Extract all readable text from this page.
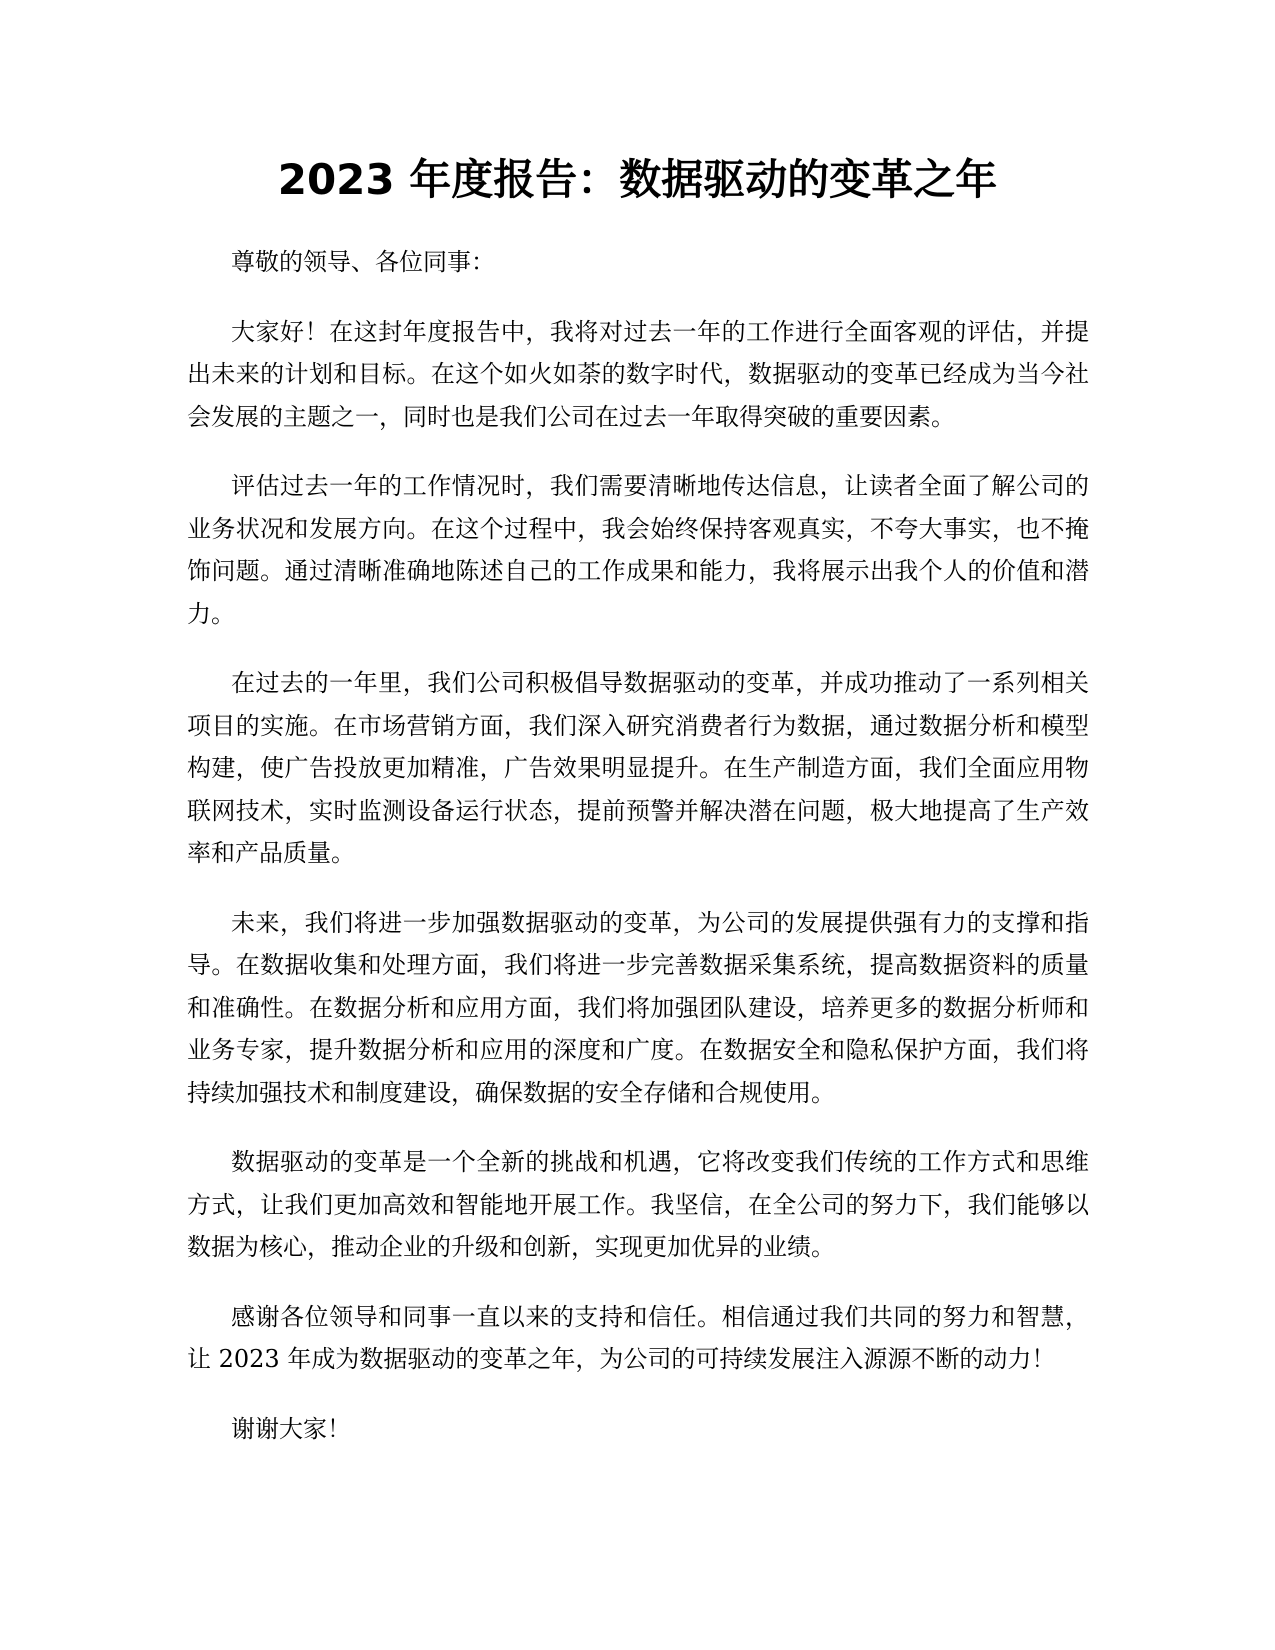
2023 年度报告：数据驱动的变革之年

尊敬的领导、各位同事：

大家好！在这封年度报告中，我将对过去一年的工作进行全面客观的评估，并提出未来的计划和目标。在这个如火如荼的数字时代，数据驱动的变革已经成为当今社会发展的主题之一，同时也是我们公司在过去一年取得突破的重要因素。

评估过去一年的工作情况时，我们需要清晰地传达信息，让读者全面了解公司的业务状况和发展方向。在这个过程中，我会始终保持客观真实，不夸大事实，也不掩饰问题。通过清晰准确地陈述自己的工作成果和能力，我将展示出我个人的价值和潜力。

在过去的一年里，我们公司积极倡导数据驱动的变革，并成功推动了一系列相关项目的实施。在市场营销方面，我们深入研究消费者行为数据，通过数据分析和模型构建，使广告投放更加精准，广告效果明显提升。在生产制造方面，我们全面应用物联网技术，实时监测设备运行状态，提前预警并解决潜在问题，极大地提高了生产效率和产品质量。

未来，我们将进一步加强数据驱动的变革，为公司的发展提供强有力的支撑和指导。在数据收集和处理方面，我们将进一步完善数据采集系统，提高数据资料的质量和准确性。在数据分析和应用方面，我们将加强团队建设，培养更多的数据分析师和业务专家，提升数据分析和应用的深度和广度。在数据安全和隐私保护方面，我们将持续加强技术和制度建设，确保数据的安全存储和合规使用。

数据驱动的变革是一个全新的挑战和机遇，它将改变我们传统的工作方式和思维方式，让我们更加高效和智能地开展工作。我坚信，在全公司的努力下，我们能够以数据为核心，推动企业的升级和创新，实现更加优异的业绩。

感谢各位领导和同事一直以来的支持和信任。相信通过我们共同的努力和智慧，让 2023 年成为数据驱动的变革之年，为公司的可持续发展注入源源不断的动力！

谢谢大家！
